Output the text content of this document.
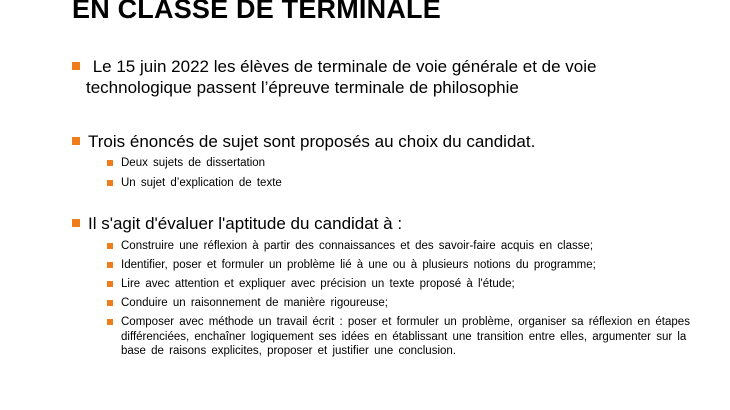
EN CLASSE DE TERMINALE
Le 15 juin 2022 les élèves de terminale de voie générale et de voie
technologique passent l’épreuve terminale de philosophie
Trois énoncés de sujet sont proposés au choix du candidat.
Deux sujets de dissertation
Un sujet d’explication de texte
Il s'agit d'évaluer l'aptitude du candidat à :
Construire une réflexion à partir des connaissances et des savoir-faire acquis en classe;
Identifier, poser et formuler un problème lié à une ou à plusieurs notions du programme;
Lire avec attention et expliquer avec précision un texte proposé à l'étude;
Conduire un raisonnement de manière rigoureuse;
Composer avec méthode un travail écrit : poser et formuler un problème, organiser sa réflexion en étapes différenciées, enchaîner logiquement ses idées en établissant une transition entre elles, argumenter sur la base de raisons explicites, proposer et justifier une conclusion.
